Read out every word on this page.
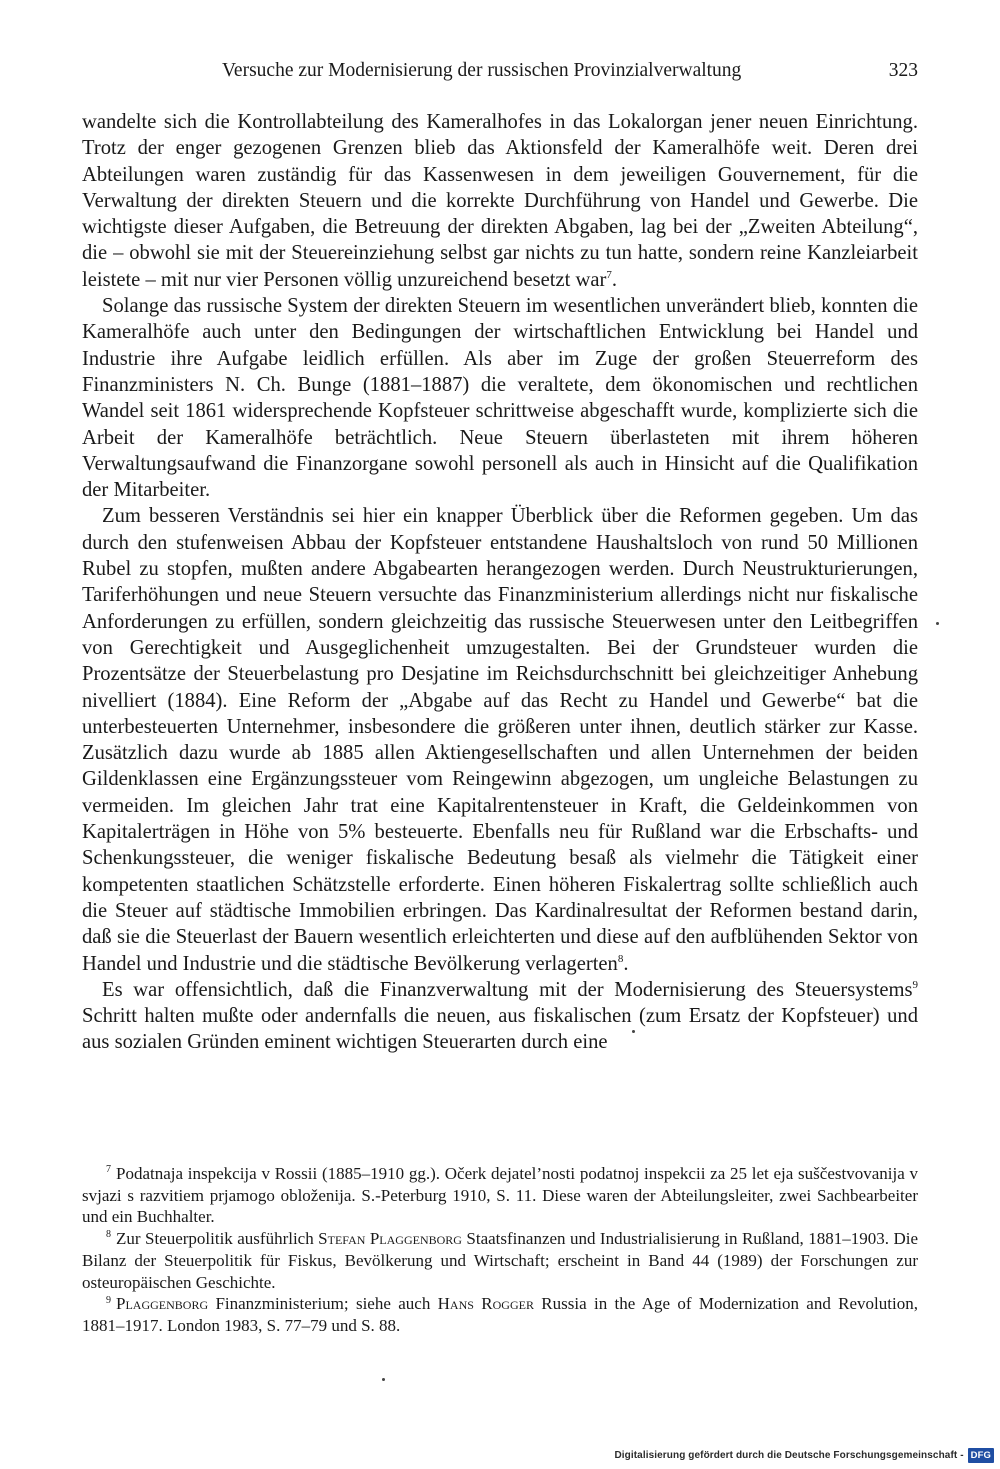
Versuche zur Modernisierung der russischen Provinzialverwaltung	323

wandelte sich die Kontrollabteilung des Kameralhofes in das Lokalorgan jener neuen Einrichtung. Trotz der enger gezogenen Grenzen blieb das Aktionsfeld der Kameralhöfe weit. Deren drei Abteilungen waren zuständig für das Kassenwesen in dem jeweiligen Gouvernement, für die Verwaltung der direkten Steuern und die korrekte Durchführung von Handel und Gewerbe. Die wichtigste dieser Aufgaben, die Betreuung der direkten Abgaben, lag bei der „Zweiten Abteilung“, die – obwohl sie mit der Steuereinziehung selbst gar nichts zu tun hatte, sondern reine Kanzleiarbeit leistete – mit nur vier Personen völlig unzureichend besetzt war$^7$.

Solange das russische System der direkten Steuern im wesentlichen unverändert blieb, konnten die Kameralhöfe auch unter den Bedingungen der wirtschaftlichen Entwicklung bei Handel und Industrie ihre Aufgabe leidlich erfüllen. Als aber im Zuge der großen Steuerreform des Finanzministers N. Ch. Bunge (1881–1887) die veraltete, dem ökonomischen und rechtlichen Wandel seit 1861 widersprechende Kopfsteuer schrittweise abgeschafft wurde, komplizierte sich die Arbeit der Kameralhöfe beträchtlich. Neue Steuern überlasteten mit ihrem höheren Verwaltungsaufwand die Finanzorgane sowohl personell als auch in Hinsicht auf die Qualifikation der Mitarbeiter.

Zum besseren Verständnis sei hier ein knapper Überblick über die Reformen gegeben. Um das durch den stufenweisen Abbau der Kopfsteuer entstandene Haushaltsloch von rund 50 Millionen Rubel zu stopfen, mußten andere Abgabearten herangezogen werden. Durch Neustrukturierungen, Tariferhöhungen und neue Steuern versuchte das Finanzministerium allerdings nicht nur fiskalische Anforderungen zu erfüllen, sondern gleichzeitig das russische Steuerwesen unter den Leitbegriffen von Gerechtigkeit und Ausgeglichenheit umzugestalten. Bei der Grundsteuer wurden die Prozentsätze der Steuerbelastung pro Desjatine im Reichsdurchschnitt bei gleichzeitiger Anhebung nivelliert (1884). Eine Reform der „Abgabe auf das Recht zu Handel und Gewerbe“ bat die unterbesteuerten Unternehmer, insbesondere die größeren unter ihnen, deutlich stärker zur Kasse. Zusätzlich dazu wurde ab 1885 allen Aktiengesellschaften und allen Unternehmen der beiden Gildenklassen eine Ergänzungssteuer vom Reingewinn abgezogen, um ungleiche Belastungen zu vermeiden. Im gleichen Jahr trat eine Kapitalrentensteuer in Kraft, die Geldeinkommen von Kapitalerträgen in Höhe von 5% besteuerte. Ebenfalls neu für Rußland war die Erbschafts- und Schenkungssteuer, die weniger fiskalische Bedeutung besaß als vielmehr die Tätigkeit einer kompetenten staatlichen Schätzstelle erforderte. Einen höheren Fiskalertrag sollte schließlich auch die Steuer auf städtische Immobilien erbringen. Das Kardinalresultat der Reformen bestand darin, daß sie die Steuerlast der Bauern wesentlich erleichterten und diese auf den aufblühenden Sektor von Handel und Industrie und die städtische Bevölkerung verlagerten$^8$.

Es war offensichtlich, daß die Finanzverwaltung mit der Modernisierung des Steuersystems$^9$ Schritt halten mußte oder andernfalls die neuen, aus fiskalischen (zum Ersatz der Kopfsteuer) und aus sozialen Gründen eminent wichtigen Steuerarten durch eine

$^7$ Podatnaja inspekcija v Rossii (1885–1910 gg.). Očerk dejatel’nosti podatnoj inspekcii za 25 let eja suščestvovanija v svjazi s razvitiem prjamogo obloženija. S.-Peterburg 1910, S. 11. Diese waren der Abteilungsleiter, zwei Sachbearbeiter und ein Buchhalter.

$^8$ Zur Steuerpolitik ausführlich Stefan Plaggenborg Staatsfinanzen und Industrialisierung in Rußland, 1881–1903. Die Bilanz der Steuerpolitik für Fiskus, Bevölkerung und Wirtschaft; erscheint in Band 44 (1989) der Forschungen zur osteuropäischen Geschichte.

$^9$ Plaggenborg Finanzministerium; siehe auch Hans Rogger Russia in the Age of Modernization and Revolution, 1881–1917. London 1983, S. 77–79 und S. 88.

Digitalisierung gefördert durch die Deutsche Forschungsgemeinschaft - DFG
